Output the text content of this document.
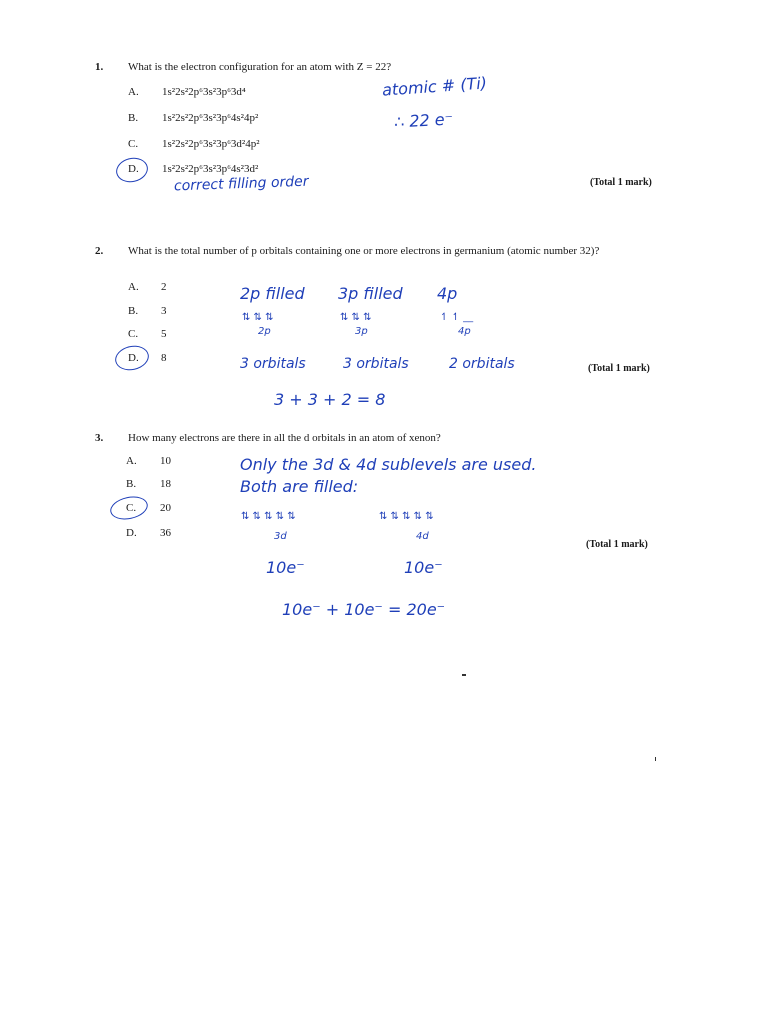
1. What is the electron configuration for an atom with Z = 22?
A. 1s²2s²2p⁶3s²3p⁶3d⁴
B. 1s²2s²2p⁶3s²3p⁶4s²4p²
C. 1s²2s²2p⁶3s²3p⁶3d²4p²
D. 1s²2s²2p⁶3s²3p⁶4s²3d²
atomic # (Ti)
∴ 22 e⁻
correct filling order	(Total 1 mark)
2. What is the total number of p orbitals containing one or more electrons in germanium (atomic number 32)?
A. 2
B. 3
C. 5
D. 8
2p filled 3p filled 4p
⇅ ⇅ ⇅
2p
⇅ ⇅ ⇅
3p
↿ ↿ __
4p
3 orbitals	3 orbitals	2 orbitals
3 + 3 + 2 = 8
(Total 1 mark)
3. How many electrons are there in all the d orbitals in an atom of xenon?
A. 10
B. 18
C. 20
D. 36
Only the 3d & 4d sublevels are used.
Both are filled:
⇅ ⇅ ⇅ ⇅ ⇅
3d
⇅ ⇅ ⇅ ⇅ ⇅
4d
10e⁻	10e⁻
10e⁻ + 10e⁻ = 20e⁻
(Total 1 mark)
